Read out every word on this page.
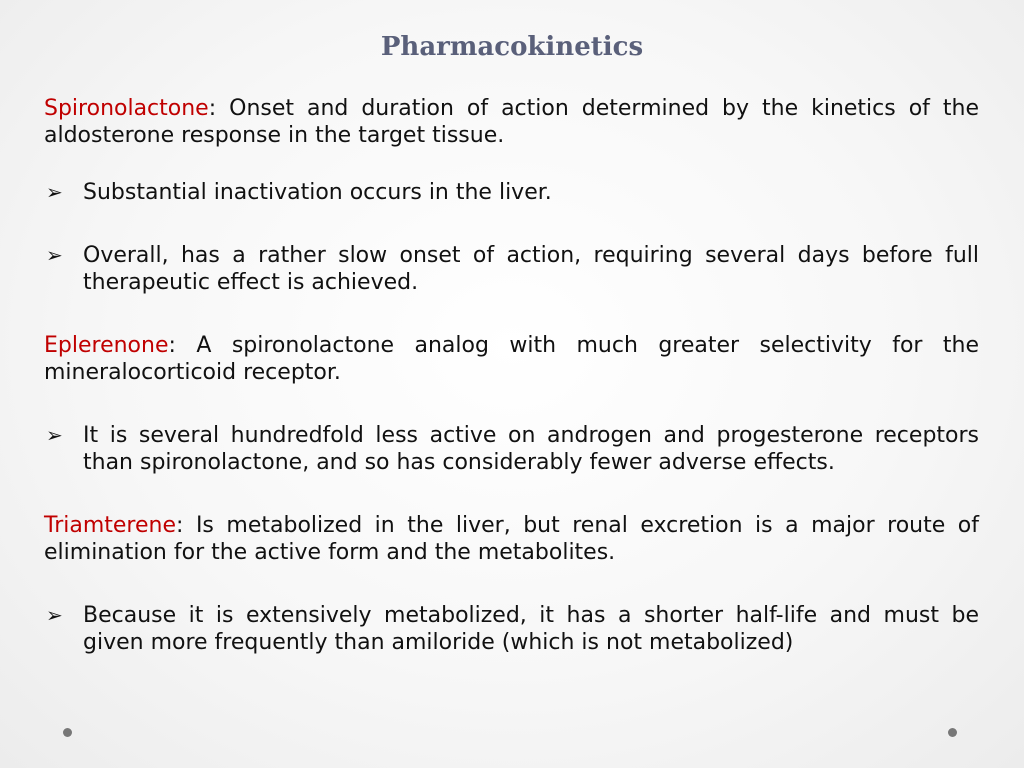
Pharmacokinetics

Spironolactone: Onset and duration of action determined by the kinetics of the aldosterone response in the target tissue.

➢ Substantial inactivation occurs in the liver.
➢ Overall, has a rather slow onset of action, requiring several days before full therapeutic effect is achieved.

Eplerenone: A spironolactone analog with much greater selectivity for the mineralocorticoid receptor.

➢ It is several hundredfold less active on androgen and progesterone receptors than spironolactone, and so has considerably fewer adverse effects.

Triamterene: Is metabolized in the liver, but renal excretion is a major route of elimination for the active form and the metabolites.

➢ Because it is extensively metabolized, it has a shorter half-life and must be given more frequently than amiloride (which is not metabolized)
